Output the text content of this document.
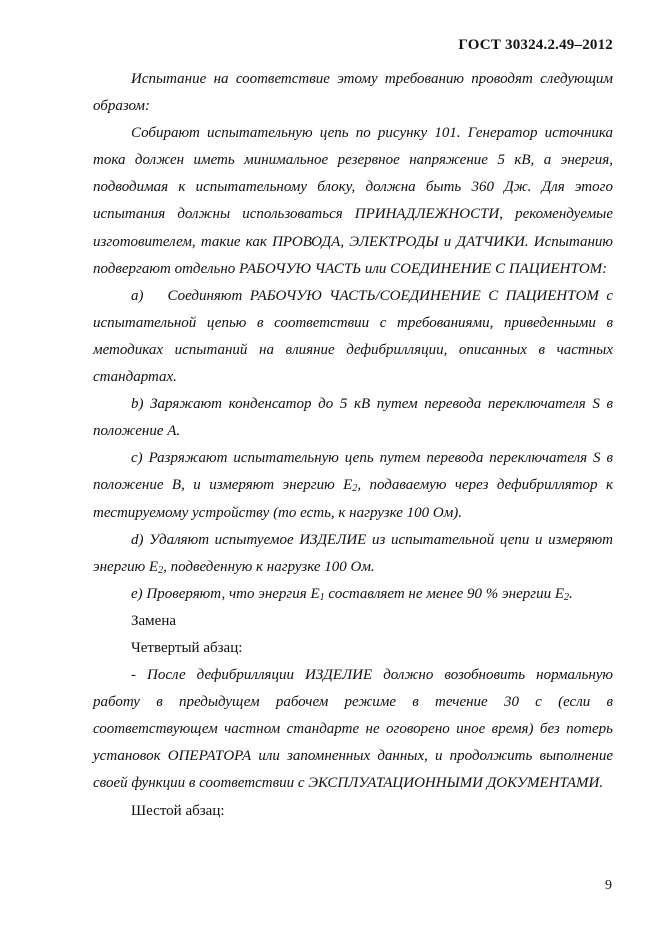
ГОСТ 30324.2.49–2012

Испытание на соответствие этому требованию проводят следующим образом:

Собирают испытательную цепь по рисунку 101. Генератор источника тока должен иметь минимальное резервное напряжение 5 кВ, а энергия, подводимая к испытательному блоку, должна быть 360 Дж. Для этого испытания должны использоваться ПРИНАДЛЕЖНОСТИ, рекомендуемые изготовителем, такие как ПРОВОДА, ЭЛЕКТРОДЫ и ДАТЧИКИ. Испытанию подвергают отдельно РАБОЧУЮ ЧАСТЬ или СОЕДИНЕНИЕ С ПАЦИЕНТОМ:

a) Соединяют РАБОЧУЮ ЧАСТЬ/СОЕДИНЕНИЕ С ПАЦИЕНТОМ с испытательной цепью в соответствии с требованиями, приведенными в методиках испытаний на влияние дефибрилляции, описанных в частных стандартах.

b) Заряжают конденсатор до 5 кВ путем перевода переключателя S в положение А.

c) Разряжают испытательную цепь путем перевода переключателя S в положение В, и измеряют энергию $Е_2$, подаваемую через дефибриллятор к тестируемому устройству (то есть, к нагрузке 100 Ом).

d) Удаляют испытуемое ИЗДЕЛИЕ из испытательной цепи и измеряют энергию $Е_2$, подведенную к нагрузке 100 Ом.

e) Проверяют, что энергия $Е_1$ составляет не менее 90 % энергии $Е_2$.

Замена

Четвертый абзац:

- После дефибрилляции ИЗДЕЛИЕ должно возобновить нормальную работу в предыдущем рабочем режиме в течение 30 с (если в соответствующем частном стандарте не оговорено иное время) без потерь установок ОПЕРАТОРА или запомненных данных, и продолжить выполнение своей функции в соответствии с ЭКСПЛУАТАЦИОННЫМИ ДОКУМЕНТАМИ.

Шестой абзац:

9
